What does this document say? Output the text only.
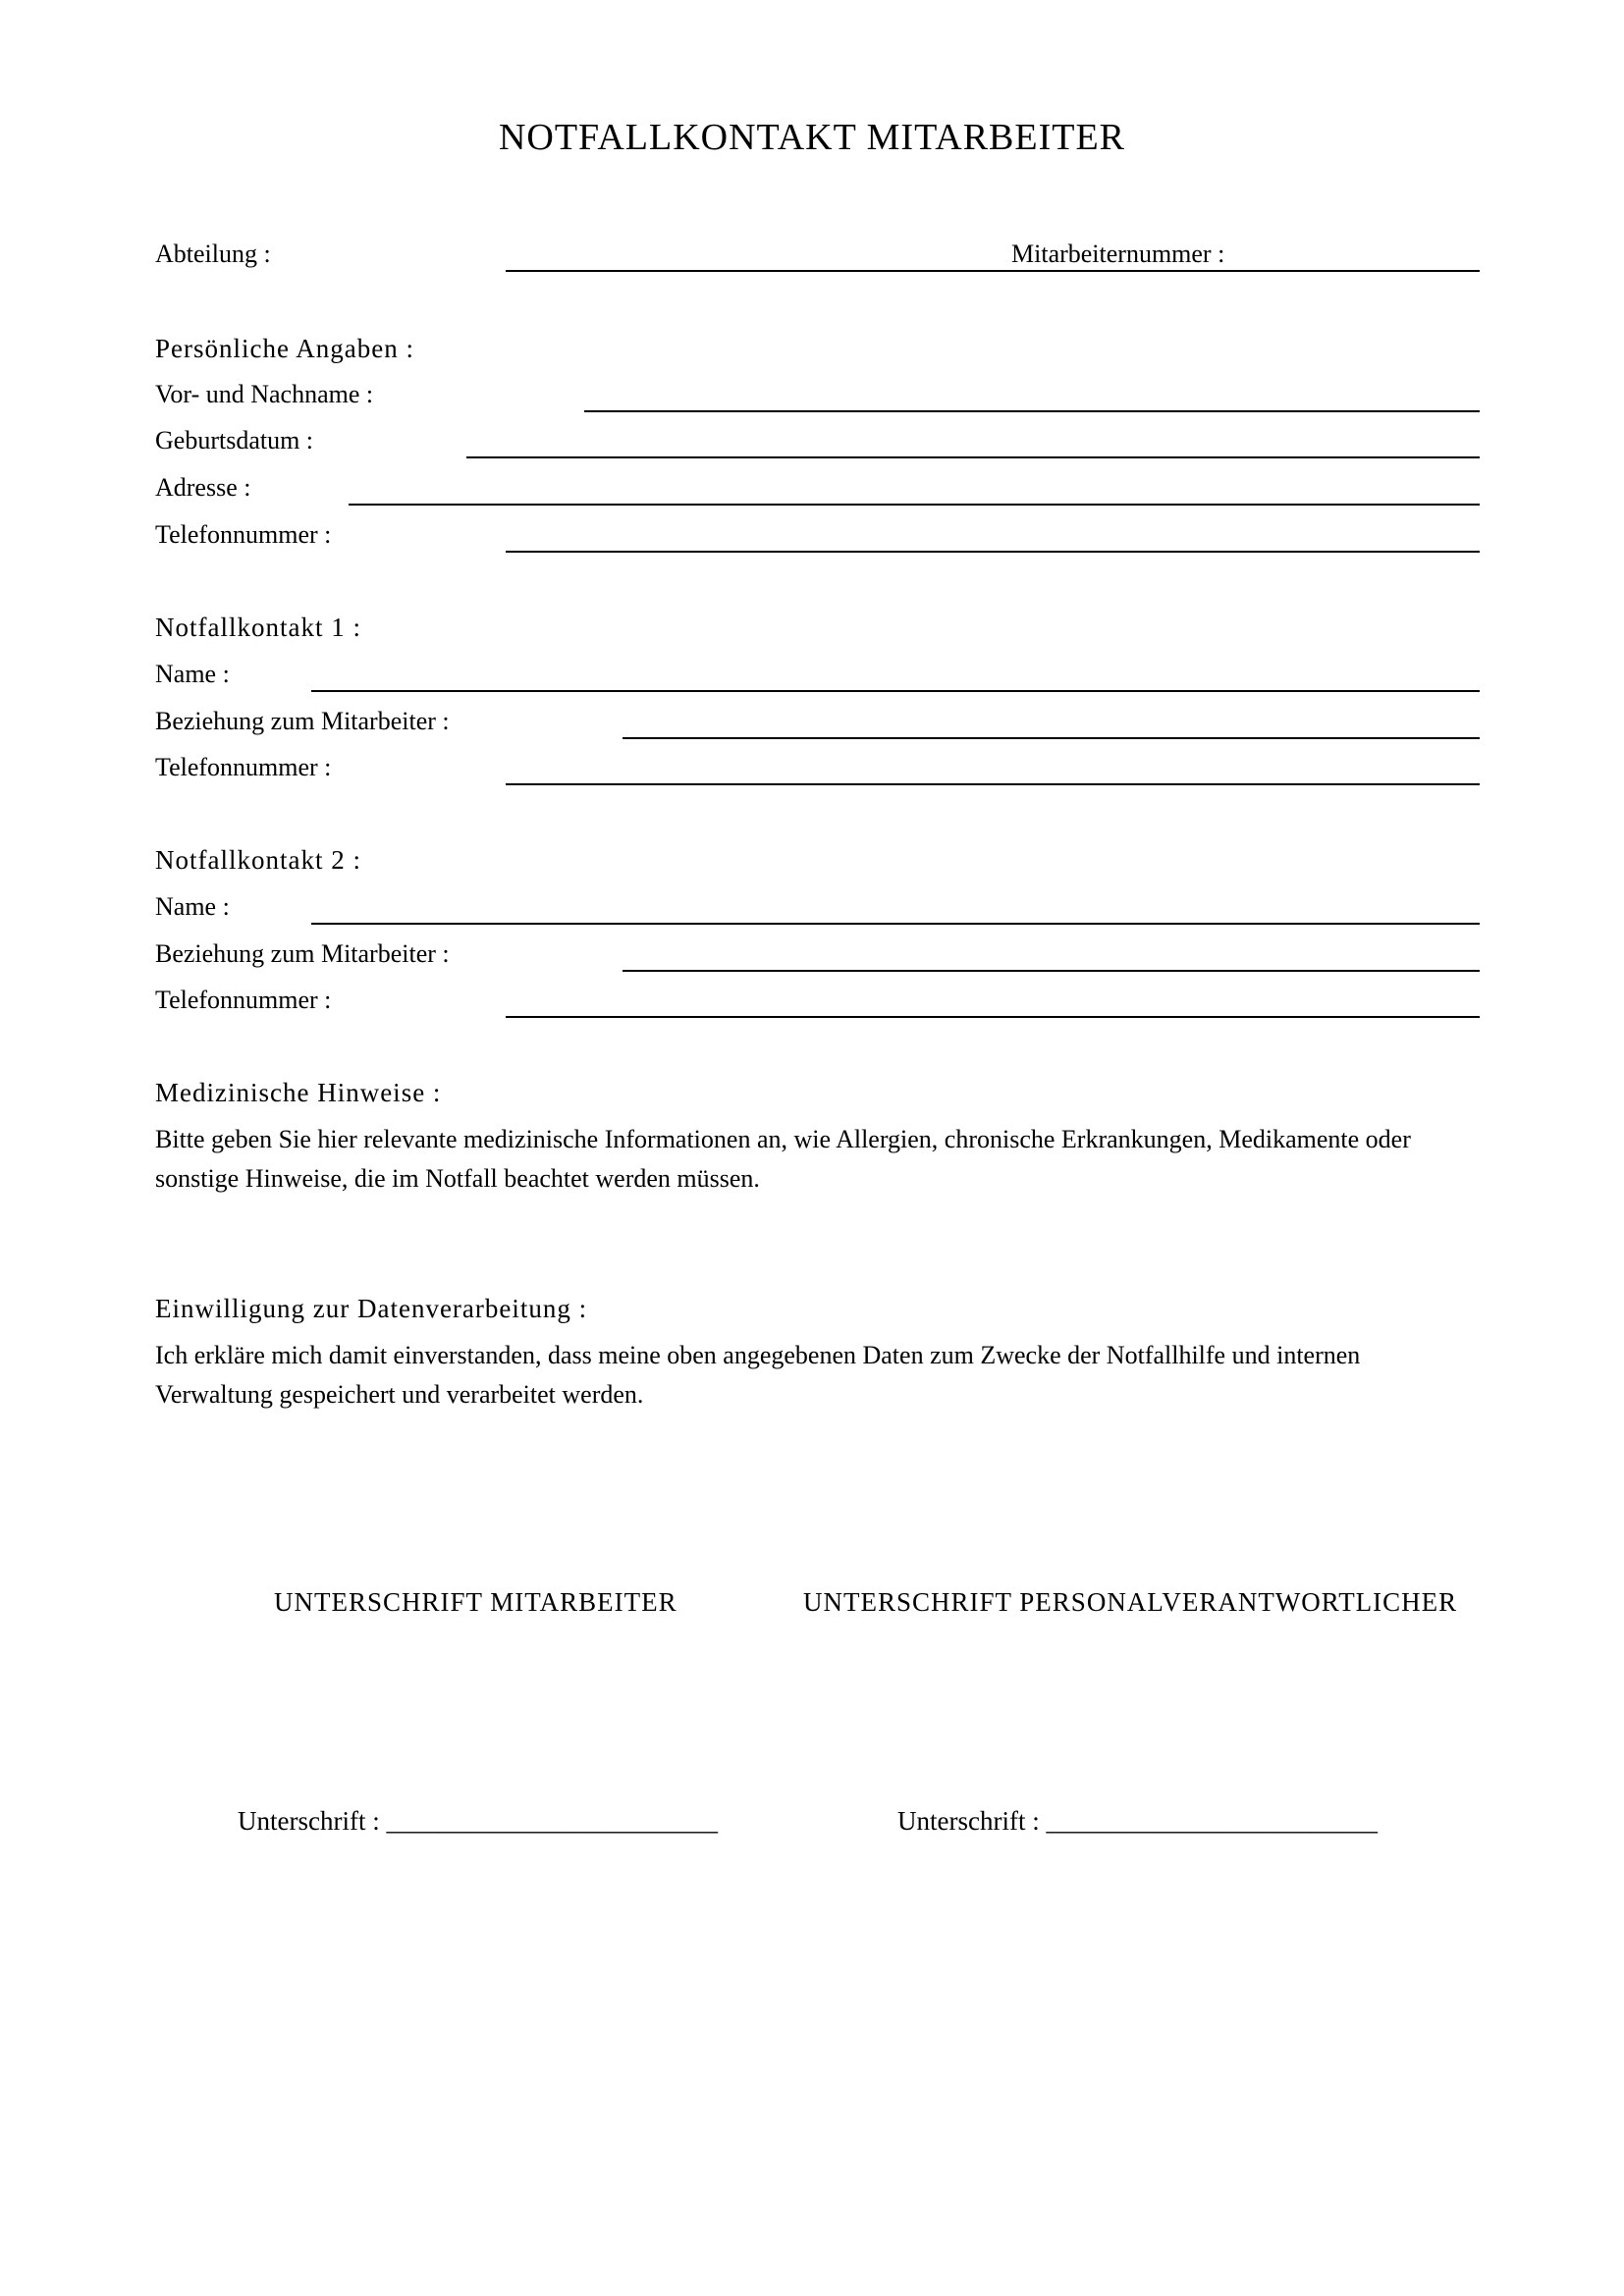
NOTFALLKONTAKT MITARBEITER
Abteilung :	Mitarbeiternummer :
Persönliche Angaben :
Vor- und Nachname :
Geburtsdatum :
Adresse :
Telefonnummer :
Notfallkontakt 1 :
Name :
Beziehung zum Mitarbeiter :
Telefonnummer :
Notfallkontakt 2 :
Name :
Beziehung zum Mitarbeiter :
Telefonnummer :
Medizinische Hinweise :
Bitte geben Sie hier relevante medizinische Informationen an, wie Allergien, chronische Erkrankungen, Medikamente oder sonstige Hinweise, die im Notfall beachtet werden müssen.
Einwilligung zur Datenverarbeitung :
Ich erkläre mich damit einverstanden, dass meine oben angegebenen Daten zum Zwecke der Notfallhilfe und internen Verwaltung gespeichert und verarbeitet werden.
UNTERSCHRIFT MITARBEITER	UNTERSCHRIFT PERSONALVERANTWORTLICHER
Unterschrift : _________________________	Unterschrift : _________________________
